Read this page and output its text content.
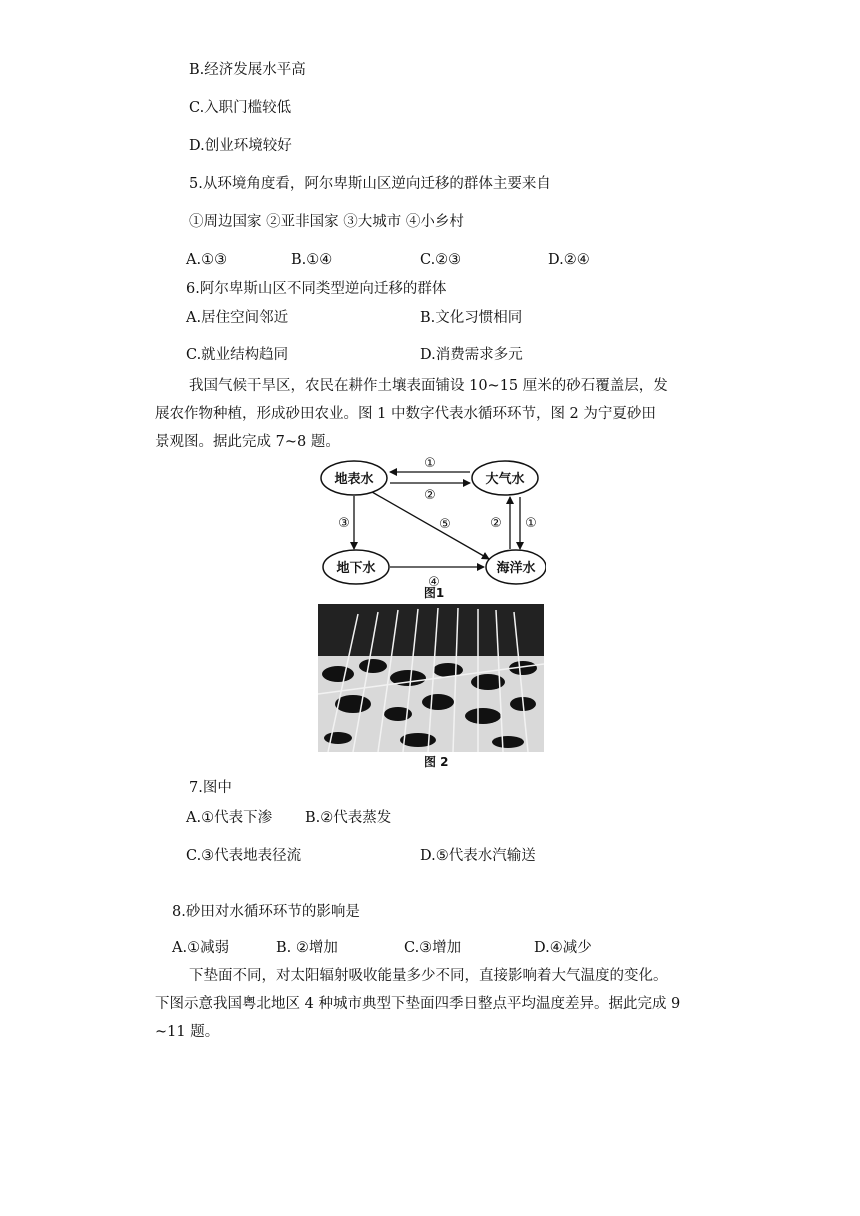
B.经济发展水平高
C.入职门槛较低
D.创业环境较好
5.从环境角度看，阿尔卑斯山区逆向迁移的群体主要来自
①周边国家 ②亚非国家 ③大城市 ④小乡村
A.①③	B.①④	C.②③	D.②④
6.阿尔卑斯山区不同类型逆向迁移的群体
A.居住空间邻近	B.文化习惯相同
C.就业结构趋同	D.消费需求多元
我国气候干旱区，农民在耕作土壤表面铺设 10~15 厘米的砂石覆盖层，发
展农作物种植，形成砂田农业。图 1 中数字代表水循环环节，图 2 为宁夏砂田
景观图。据此完成 7~8 题。
地表水	大气水
地下水	海洋水
①
②
③	⑤	② ①
④
图1
图 2
7.图中
A.①代表下渗 B.②代表蒸发
C.③代表地表径流	D.⑤代表水汽输送
8.砂田对水循环环节的影响是
A.①减弱	B. ②增加	C.③增加	D.④减少
下垫面不同，对太阳辐射吸收能量多少不同，直接影响着大气温度的变化。
下图示意我国粤北地区 4 种城市典型下垫面四季日整点平均温度差异。据此完成 9
~11 题。
